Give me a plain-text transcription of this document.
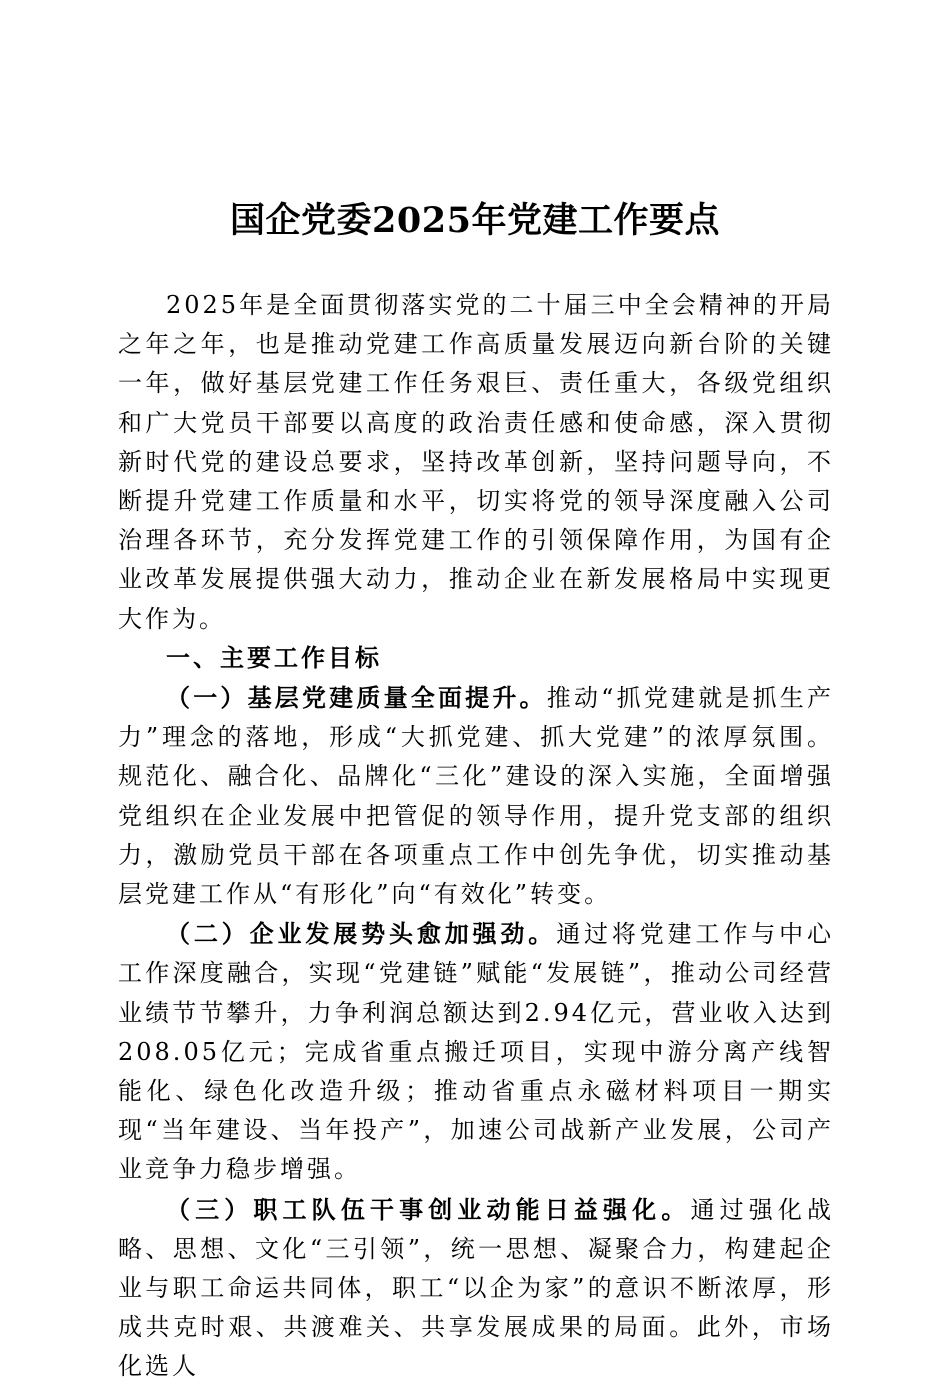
国企党委2025年党建工作要点

2025年是全面贯彻落实党的二十届三中全会精神的开局之年之年，也是推动党建工作高质量发展迈向新台阶的关键一年，做好基层党建工作任务艰巨、责任重大，各级党组织和广大党员干部要以高度的政治责任感和使命感，深入贯彻新时代党的建设总要求，坚持改革创新，坚持问题导向，不断提升党建工作质量和水平，切实将党的领导深度融入公司治理各环节，充分发挥党建工作的引领保障作用，为国有企业改革发展提供强大动力，推动企业在新发展格局中实现更大作为。

一、主要工作目标

（一）基层党建质量全面提升。推动“抓党建就是抓生产力”理念的落地，形成“大抓党建、抓大党建”的浓厚氛围。规范化、融合化、品牌化“三化”建设的深入实施，全面增强党组织在企业发展中把管促的领导作用，提升党支部的组织力，激励党员干部在各项重点工作中创先争优，切实推动基层党建工作从“有形化”向“有效化”转变。

（二）企业发展势头愈加强劲。通过将党建工作与中心工作深度融合，实现“党建链”赋能“发展链”，推动公司经营业绩节节攀升，力争利润总额达到2.94亿元，营业收入达到208.05亿元；完成省重点搬迁项目，实现中游分离产线智能化、绿色化改造升级；推动省重点永磁材料项目一期实现“当年建设、当年投产”，加速公司战新产业发展，公司产业竞争力稳步增强。

（三）职工队伍干事创业动能日益强化。通过强化战略、思想、文化“三引领”，统一思想、凝聚合力，构建起企业与职工命运共同体，职工“以企为家”的意识不断浓厚，形成共克时艰、共渡难关、共享发展成果的局面。此外，市场化选人
